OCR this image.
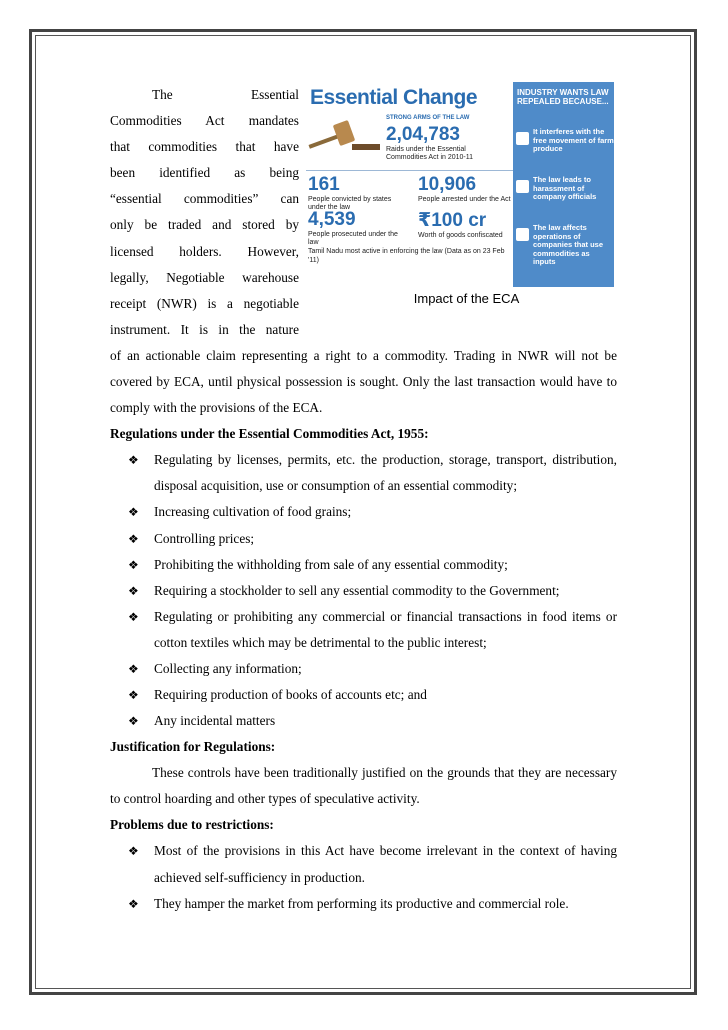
Essential Change
STRONG ARMS OF THE LAW
2,04,783
Raids under the Essential Commodities Act in 2010-11
161
People convicted by states under the law
10,906
People arrested under the Act
4,539
People prosecuted under the law
₹100 cr
Worth of goods confiscated
Tamil Nadu most active in enforcing the law (Data as on 23 Feb '11)
INDUSTRY WANTS LAW REPEALED BECAUSE...
It interferes with the free movement of farm produce
The law leads to harassment of company officials
The law affects operations of companies that use commodities as inputs
Impact of the ECA

The Essential

Commodities Act mandates

that commodities that have

been identified as being

“essential commodities” can

only be traded and stored by

licensed holders. However,

legally, Negotiable warehouse

receipt (NWR) is a negotiable

instrument. It is in the nature

of an actionable claim representing a right to a commodity. Trading in NWR will not be covered by ECA, until physical possession is sought. Only the last transaction would have to comply with the provisions of the ECA.

Regulations under the Essential Commodities Act, 1955:

❖ Regulating by licenses, permits, etc. the production, storage, transport, distribution, disposal acquisition, use or consumption of an essential commodity;
❖ Increasing cultivation of food grains;
❖ Controlling prices;
❖ Prohibiting the withholding from sale of any essential commodity;
❖ Requiring a stockholder to sell any essential commodity to the Government;
❖ Regulating or prohibiting any commercial or financial transactions in food items or cotton textiles which may be detrimental to the public interest;
❖ Collecting any information;
❖ Requiring production of books of accounts etc; and
❖ Any incidental matters

Justification for Regulations:

These controls have been traditionally justified on the grounds that they are necessary to control hoarding and other types of speculative activity.

Problems due to restrictions:

❖ Most of the provisions in this Act have become irrelevant in the context of having achieved self-sufficiency in production.
❖ They hamper the market from performing its productive and commercial role.
